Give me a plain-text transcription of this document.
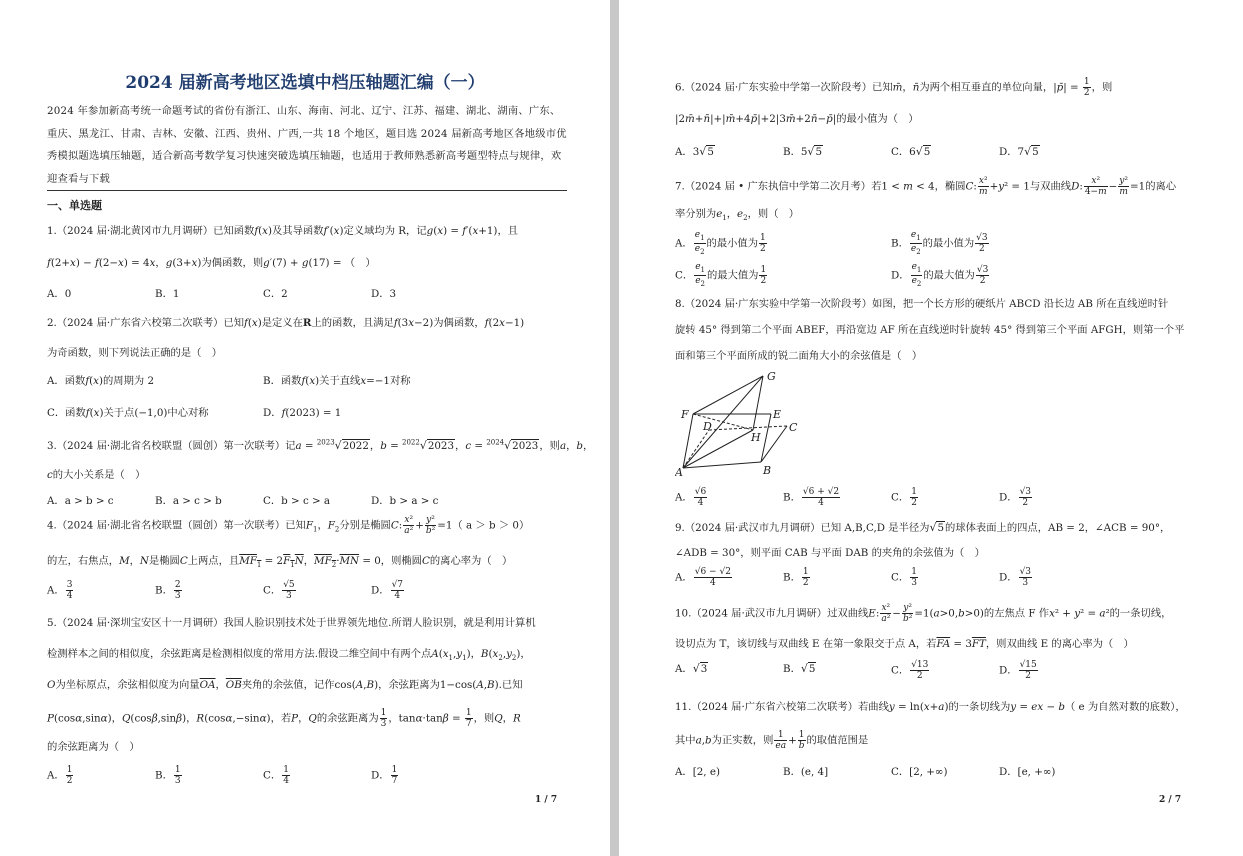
2024 届新高考地区选填中档压轴题汇编（一）
2024 年参加新高考统一命题考试的省份有浙江、山东、海南、河北、辽宁、江苏、福建、湖北、湖南、广东、重庆、黑龙江、甘肃、吉林、安徽、江西、贵州、广西,一共 18 个地区，题目选 2024 届新高考地区各地级市优秀模拟题选填压轴题，适合新高考数学复习快速突破选填压轴题，也适用于教师熟悉新高考题型特点与规律，欢迎查看与下载
一、单选题
1.（2024 届·湖北黄冈市九月调研）已知函数f(x)及其导函数f′(x)定义域均为 R，记g(x) = f′(x+1)，且
f(2+x) − f(2−x) = 4x，g(3+x)为偶函数，则g′(7) + g(17) = （　）
A．0	B．1	C．2	D．3
2.（2024 届·广东省六校第二次联考）已知f(x)是定义在R上的函数，且满足f(3x−2)为偶函数，f(2x−1)
为奇函数，则下列说法正确的是（　）
A．函数f(x)的周期为 2	B．函数f(x)关于直线x=−1对称
C．函数f(x)关于点(−1,0)中心对称	D．f(2023) = 1
3.（2024 届·湖北省名校联盟（圆创）第一次联考）记a = $^{2023}$√2022，b = $^{2022}$√2023，c = $^{2024}$√2023，则a，b，
c的大小关系是（　）
A．a > b > c	B．a > c > b	C．b > c > a	D．b > a > c
4.（2024 届·湖北省名校联盟（圆创）第一次联考）已知$F_1$，$F_2$分别是椭圆C: $\frac{\text{x²}}{\text{a²}} + \frac{\text{y²}}{\text{b²}} =1$（ a ＞ b ＞ 0）
的左，右焦点，M，N是椭圆C上两点，且$MF_1 = 2F_1N$，$MF_2\cdot\overline{MN} = 0$，则椭圆C的离心率为（　）
A． $\frac{3}{4}$	B． $\frac{2}{3}$	C． $\frac{√5}{3}$	D． $\frac{√7}{4}$
5.（2024 届·深圳宝安区十一月调研）我国人脸识别技术处于世界领先地位.所谓人脸识别，就是利用计算机
检测样本之间的相似度，余弦距离是检测相似度的常用方法.假设二维空间中有两个点$A(x_1,y_1)$，$B(x_2,y_2)$，
O为坐标原点，余弦相似度为向量$\overline{OA}$，$\overline{OB}$夹角的余弦值，记作cos(A,B)，余弦距离为1−cos(A,B).已知
P(cosα,sinα)，Q(cosβ,sinβ)，R(cosα,−sinα)，若P，Q的余弦距离为 $\frac{1}{3}$ ，$\tan\alpha\cdot\tan\beta = \frac{1}{7}$ ，则Q，R
的余弦距离为（　）
A． $\frac{1}{2}$	B． $\frac{1}{3}$	C． $\frac{1}{4}$	D． $\frac{1}{7}$
1 / 7
6.（2024 届·广东实验中学第一次阶段考）已知m̄，n̄为两个相互垂直的单位向量，|p̄| = $\frac{1}{2}$ ，则
|2m̄+n̄|+|m̄+4p̄|+2|3m̄+2n̄−p̄|的最小值为（　）
A．3√5	B．5√5	C．6√5	D．7√5
7.（2024 届 • 广东执信中学第二次月考）若1 < m < 4，椭圆C: $\frac{\text{x²}}{m} +y^2 = 1$与双曲线D: $\frac{\text{x²}}{4-m} - \frac{\text{y²}}{m} =1$的离心
率分别为$e_1$，$e_2$，则（　）
A． $\frac{e_1}{e_2}$ 的最小值为 $\frac{1}{2}$	B． $\frac{e_1}{e_2}$ 的最小值为 $\frac{√3}{2}$
C． $\frac{e_1}{e_2}$ 的最大值为 $\frac{1}{2}$	D． $\frac{e_1}{e_2}$ 的最大值为 $\frac{√3}{2}$
8.（2024 届·广东实验中学第一次阶段考）如图，把一个长方形的硬纸片 ABCD 沿长边 AB 所在直线逆时针
旋转 45° 得到第二个平面 ABEF，再沿宽边 AF 所在直线逆时针旋转 45° 得到第三个平面 AFGH，则第一个平
面和第三个平面所成的锐二面角大小的余弦值是（　）
G
F	E
D
H
C
A	B
A． $\frac{√6}{4}$	B． $\frac{√6 + √2}{4}$	C． $\frac{1}{2}$	D． $\frac{√3}{2}$
9.（2024 届·武汉市九月调研）已知 A,B,C,D 是半径为√5的球体表面上的四点，AB = 2，∠ACB = 90°，
∠ADB = 30°，则平面 CAB 与平面 DAB 的夹角的余弦值为（　）
A． $\frac{√6 - √2}{4}$	B． $\frac{1}{2}$	C． $\frac{1}{3}$	D． $\frac{√3}{3}$
10.（2024 届·武汉市九月调研）过双曲线E: $\frac{\text{x²}}{\text{a²}} - \frac{\text{y²}}{\text{b²}} =1(a>0,b>0)$的左焦点 F 作x² + y² = a²的一条切线，
设切点为 T，该切线与双曲线 E 在第一象限交于点 A，若$\overline{FA} = 3\overline{FT}$，则双曲线 E 的离心率为（　）
A．√3	B．√5	C． $\frac{√13}{2}$	D． $\frac{√15}{2}$
11.（2024 届·广东省六校第二次联考）若曲线y = ln(x+a)的一条切线为y = ex − b（ e 为自然对数的底数），
其中a,b为正实数，则 $\frac{1}{ea} + \frac{1}{b}$ 的取值范围是
A．[2, e)	B．(e, 4]	C．[2, +∞)	D．[e, +∞)
2 / 7
